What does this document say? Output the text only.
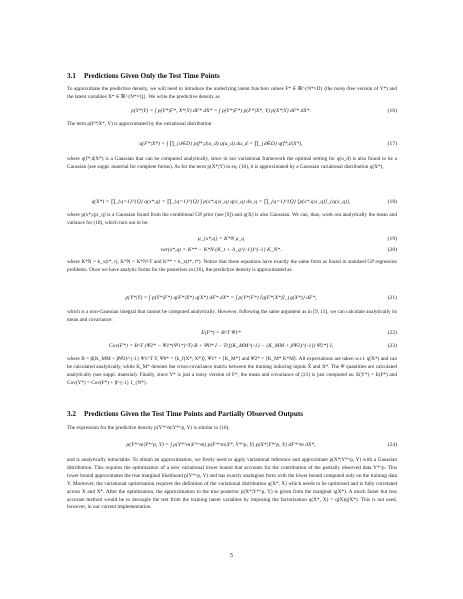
3.1 Predictions Given Only the Test Time Points
To approximate the predictive density, we will need to introduce the underlying latent function values F* ∈ ℝ^{N*×D} (the noisy-free version of Y*) and the latent variables X* ∈ ℝ^{N*×Q}. We write the predictive density as
p(Y*|Y) = ∫ p(Y*|F*, X*|Y) dF* dX* = ∫ p(Y*|F*) p(F*|X*, Y) p(X*|Y) dF* dX*.	(16)
The term p(F*|X*, Y) is approximated by the variational distribution
q(F*|X*) = ∫ ∏_{d∈D} p(f*,d|u_d) q(u_d) du_d = ∏_{d∈D} q(f*,d|X*),	(17)
where q(f*,d|X*) is a Gaussian that can be computed analytically, since in our variational framework the optimal setting for q(u_d) is also found to be a Gaussian (see suppl. material for complete forms). As for the term p(X*|Y) in eq. (16), it is approximated by a Gaussian variational distribution q(X*),
q(X*) = ∏_{q=1}^{Q} q(x*,q) = ∏_{q=1}^{Q} ∫ p(x*,q|x_q) q(x_q) dx_q = ∏_{q=1}^{Q} ⟨p(x*,q|x_q)⟩_{q(x_q)},	(18)
where p(x*,q|x_q) is a Gaussian found from the conditional GP prior (see [9]) and q(X) is also Gaussian. We can, thus, work out analytically the mean and variance for (18), which turn out to be:
μ_{x*,q} = K*N μ_q	(19)
var(x*,q) = K** − K*N (K_t + Λ_q^{-1})^{-1} K_N*.	(20)
where K*N = k_x(t*, t), K*N = K*N^T and K** = k_x(t*, t*). Notice that these equations have exactly the same form as found in standard GP regression problems. Once we have analytic forms for the posteriors in (16), the predictive density is approximated as
p(Y*|Y) = ∫ p(Y*|F*) q(F*|X*) q(X*) dF* dX* = ∫ p(Y*|F*) ⟨q(F*|X*)⟩_{q(X*)} dF*,	(21)
which is a non-Gaussian integral that cannot be computed analytically. However, following the same argument as in [9, 13], we can calculate analytically its mean and covariance:
E(F*) = B^T Ψ1*	(22)
Cov(F*) = B^T (Ψ2* − Ψ1*(Ψ1*)^T) B + Ψ0* I − Tr[(K_MM^{-1} − (K_MM + βΨ2)^{-1}) Ψ2*] I,	(23)
where B = β(K_MM + βΨ2)^{-1} Ψ1^T Y, Ψ0* = ⟨k_f(X*, X*)⟩, Ψ1* = ⟨K_M*⟩ and Ψ2* = ⟨K_M* K*M⟩. All expectations are taken w.r.t. q(X*) and can be calculated analytically, while K_M* denotes the cross-covariance matrix between the training inducing inputs X̃ and X*. The Ψ quantities are calculated analytically (see suppl. material). Finally, since Y* is just a noisy version of F*, the mean and covariance of (21) is just computed as: E(Y*) = E(F*) and Cov(Y*) = Cov(F*) + β^{-1} I_{N*}.
3.2 Predictions Given the Test Time Points and Partially Observed Outputs
The expression for the predictive density p(Y*^m|Y*^p, Y) is similar to (16),
p(Y*^m|Y*^p, Y) = ∫ p(Y*^m|F*^m) p(F*^m|X*, Y*^p, Y) p(X*|Y*^p, Y) dF*^m dX*,	(24)
and is analytically intractable. To obtain an approximation, we firstly need to apply variational inference and approximate p(X*|Y*^p, Y) with a Gaussian distribution. This requires the optimisation of a new variational lower bound that accounts for the contribution of the partially observed data Y*^p. This lower bound approximates the true marginal likelihood p(Y*^p, Y) and has exactly analogous form with the lower bound computed only on the training data Y. Moreover, the variational optimisation requires the definition of the variational distribution q(X*, X) which needs to be optimised and is fully correlated across X and X*. After the optimisation, the approximation to the true posterior p(X*|Y*^p, Y) is given from the marginal q(X*). A much faster but less accurate method would be to decouple the test from the training latent variables by imposing the factorisation q(X*, X) = q(X)q(X*). This is not used, however, in our current implementation.
5
